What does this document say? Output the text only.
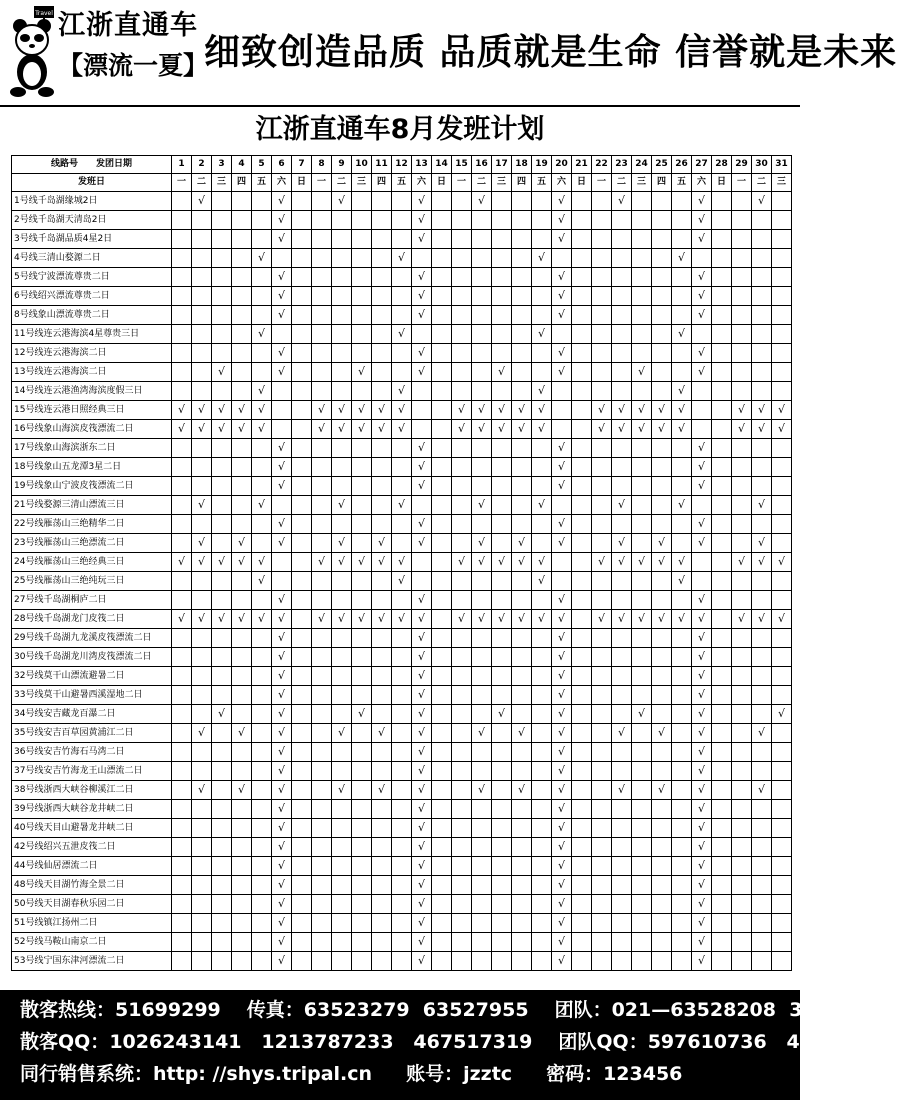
Travel 江浙直通车
【漂流一夏】
细致创造品质 品质就是生命 信誉就是未来
江浙直通车8月发班计划
线路号 发团日期	1	2	3	4	5	6	7	8	9	10	11	12	13	14	15	16	17	18	19	20	21	22	23	24	25	26	27	28	29	30	31
发班日	一	二	三	四	五	六	日	一	二	三	四	五	六	日	一	二	三	四	五	六	日	一	二	三	四	五	六	日	一	二	三
1号线千岛湖缘城2日		√				√			√				√			√				√			√				√			√	
2号线千岛湖天清岛2日						√							√							√							√				
3号线千岛湖品质4星2日						√							√							√							√				
4号线三清山婺源二日					√							√							√							√					
5号线宁波漂流尊贵二日						√							√							√							√				
6号线绍兴漂流尊贵二日						√							√							√							√				
8号线象山漂流尊贵二日						√							√							√							√				
11号线连云港海滨4星尊贵三日					√							√							√							√					
12号线连云港海滨二日						√							√							√							√				
13号线连云港海滨二日			√			√				√			√				√			√				√			√				
14号线连云港渔湾海滨度假三日					√							√							√							√					
15号线连云港日照经典三日	√	√	√	√	√			√	√	√	√	√			√	√	√	√	√			√	√	√	√	√			√	√	√
16号线象山海滨皮筏漂流二日	√	√	√	√	√			√	√	√	√	√			√	√	√	√	√			√	√	√	√	√			√	√	√
17号线象山海滨浙东二日						√							√							√							√				
18号线象山五龙潭3星二日						√							√							√							√				
19号线象山宁波皮筏漂流二日						√							√							√							√				
21号线婺源三清山漂流三日		√			√				√			√				√			√				√			√				√	
22号线雁荡山三绝精华二日						√							√							√							√				
23号线雁荡山三绝漂流二日		√		√		√			√		√		√			√		√		√			√		√		√			√	
24号线雁荡山三绝经典三日	√	√	√	√	√			√	√	√	√	√			√	√	√	√	√			√	√	√	√	√			√	√	√
25号线雁荡山三绝纯玩三日					√							√							√							√					
27号线千岛湖桐庐二日						√							√							√							√				
28号线千岛湖龙门皮筏二日	√	√	√	√	√	√		√	√	√	√	√	√		√	√	√	√	√	√		√	√	√	√	√	√		√	√	√
29号线千岛湖九龙溪皮筏漂流二日						√							√							√							√				
30号线千岛湖龙川湾皮筏漂流二日						√							√							√							√				
32号线莫干山漂流避暑二日						√							√							√							√				
33号线莫干山避暑西溪湿地二日						√							√							√							√				
34号线安吉藏龙百瀑二日			√			√				√			√				√			√				√			√				√
35号线安吉百草园黄浦江二日		√		√		√			√		√		√			√		√		√			√		√		√			√	
36号线安吉竹海石马湾二日						√							√							√							√				
37号线安吉竹海龙王山漂流二日						√							√							√							√				
38号线浙西大峡谷柳溪江二日		√		√		√			√		√		√			√		√		√			√		√		√			√	
39号线浙西大峡谷龙井峡二日						√							√							√							√				
40号线天目山避暑龙井峡二日						√							√							√							√				
42号线绍兴五泄皮筏二日						√							√							√							√				
44号线仙居漂流二日						√							√							√							√				
48号线天目湖竹海全景二日						√							√							√							√				
50号线天目湖春秋乐园二日						√							√							√							√				
51号线镇江扬州二日						√							√							√							√				
52号线马鞍山南京二日						√							√							√							√				
53号线宁国东津河漂流二日						√							√							√							√				
散客热线：51699299 传真：63523279  63527955 团队：021—63528208  33070132
散客QQ：1026243141   1213787233   467517319 团队QQ：597610736   478782944
同行销售系统：http: //shys.tripal.cn 账号：jzztc 密码：123456
